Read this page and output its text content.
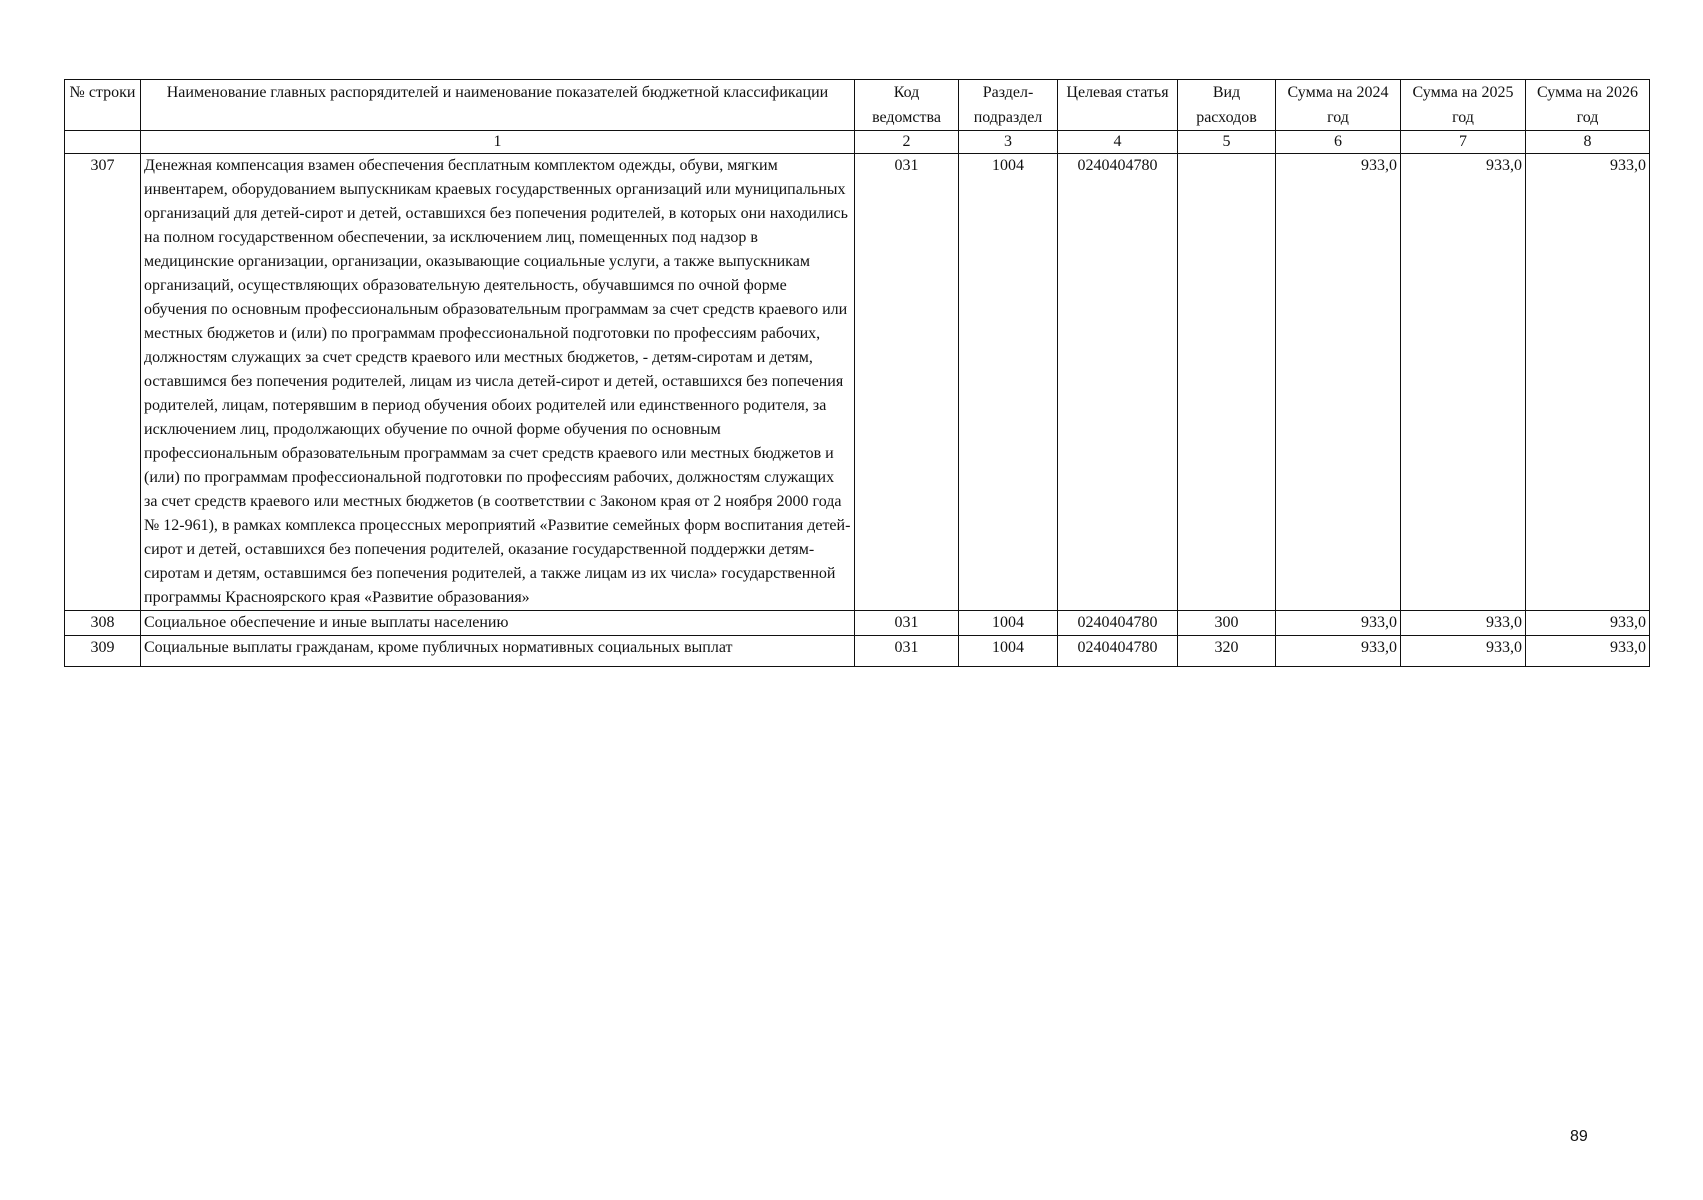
№ строки	Наименование главных распорядителей и наименование показателей бюджетной классификации	Код ведомства	Раздел-подраздел	Целевая статья	Вид расходов	Сумма на 2024 год	Сумма на 2025 год	Сумма на 2026 год
	1	2	3	4	5	6	7	8
307	Денежная компенсация взамен обеспечения бесплатным комплектом одежды, обуви, мягким инвентарем, оборудованием выпускникам краевых государственных организаций или муниципальных организаций для детей-сирот и детей, оставшихся без попечения родителей, в которых они находились на полном государственном обеспечении, за исключением лиц, помещенных под надзор в медицинские организации, организации, оказывающие социальные услуги, а также выпускникам организаций, осуществляющих образовательную деятельность, обучавшимся по очной форме обучения по основным профессиональным образовательным программам за счет средств краевого или местных бюджетов и (или) по программам профессиональной подготовки по профессиям рабочих, должностям служащих за счет средств краевого или местных бюджетов, - детям-сиротам и детям, оставшимся без попечения родителей, лицам из числа детей-сирот и детей, оставшихся без попечения родителей, лицам, потерявшим в период обучения обоих родителей или единственного родителя, за исключением лиц, продолжающих обучение по очной форме обучения по основным профессиональным образовательным программам за счет средств краевого или местных бюджетов и (или) по программам профессиональной подготовки по профессиям рабочих, должностям служащих за счет средств краевого или местных бюджетов (в соответствии с Законом края от 2 ноября 2000 года № 12-961), в рамках комплекса процессных мероприятий «Развитие семейных форм воспитания детей-сирот и детей, оставшихся без попечения родителей, оказание государственной поддержки детям-сиротам и детям, оставшимся без попечения родителей, а также лицам из их числа» государственной программы Красноярского края «Развитие образования»	031	1004	0240404780		933,0	933,0	933,0
308	Социальное обеспечение и иные выплаты населению	031	1004	0240404780	300	933,0	933,0	933,0
309	Социальные выплаты гражданам, кроме публичных нормативных социальных выплат	031	1004	0240404780	320	933,0	933,0	933,0
89
